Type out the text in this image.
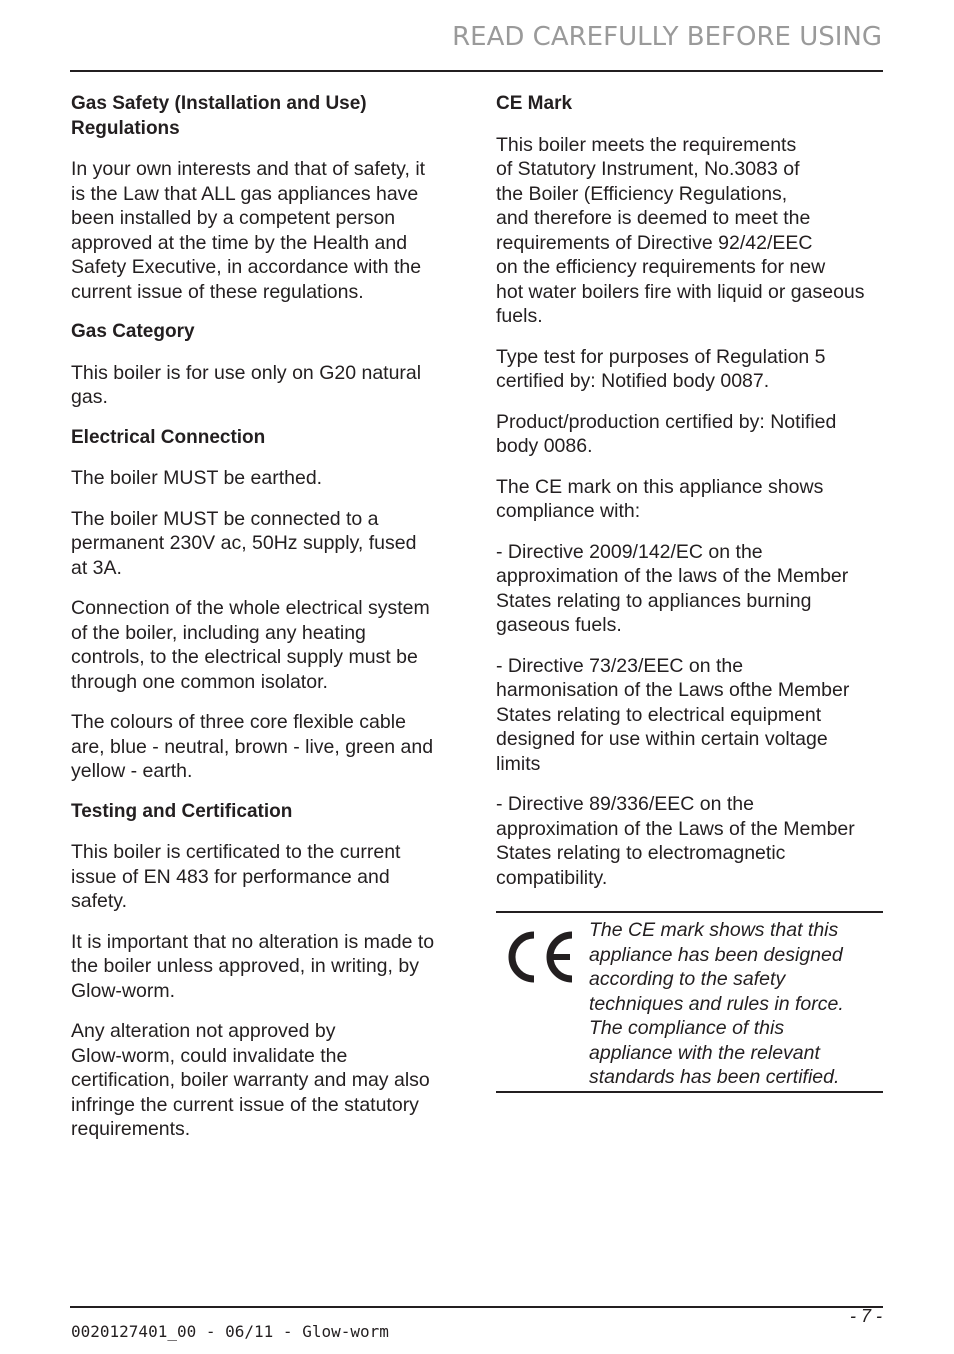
READ CAREFULLY BEFORE USING
Gas Safety (Installation and Use)
Regulations

In your own interests and that of safety, it
is the Law that ALL gas appliances have
been installed by a competent person
approved at the time by the Health and
Safety Executive, in accordance with the
current issue of these regulations.

Gas Category

This boiler is for use only on G20 natural
gas.

Electrical Connection

The boiler MUST be earthed.

The boiler MUST be connected to a
permanent 230V ac, 50Hz supply, fused
at 3A.

Connection of the whole electrical system
of the boiler, including any heating
controls, to the electrical supply must be
through one common isolator.

The colours of three core flexible cable
are, blue - neutral, brown - live, green and
yellow - earth.

Testing and Certification

This boiler is certificated to the current
issue of EN 483 for performance and
safety.

It is important that no alteration is made to
the boiler unless approved, in writing, by
Glow-worm.

Any alteration not approved by
Glow-worm, could invalidate the
certification, boiler warranty and may also
infringe the current issue of the statutory
requirements.

CE Mark

This boiler meets the requirements
of Statutory Instrument, No.3083 of
the Boiler (Efficiency Regulations,
and therefore is deemed to meet the
requirements of Directive 92/42/EEC
on the efficiency requirements for new
hot water boilers fire with liquid or gaseous
fuels.

Type test for purposes of Regulation 5
certified by: Notified body 0087.

Product/production certified by: Notified
body 0086.

The CE mark on this appliance shows
compliance with:

- Directive 2009/142/EC on the
approximation of the laws of the Member
States relating to appliances burning
gaseous fuels.

- Directive 73/23/EEC on the
harmonisation of the Laws ofthe Member
States relating to electrical equipment
designed for use within certain voltage
limits

- Directive 89/336/EEC on the
approximation of the Laws of the Member
States relating to electromagnetic
compatibility.

The CE mark shows that this
appliance has been designed
according to the safety
techniques and rules in force.
The compliance of this
appliance with the relevant
standards has been certified.

0020127401_00 - 06/11 - Glow-worm
- 7 -
